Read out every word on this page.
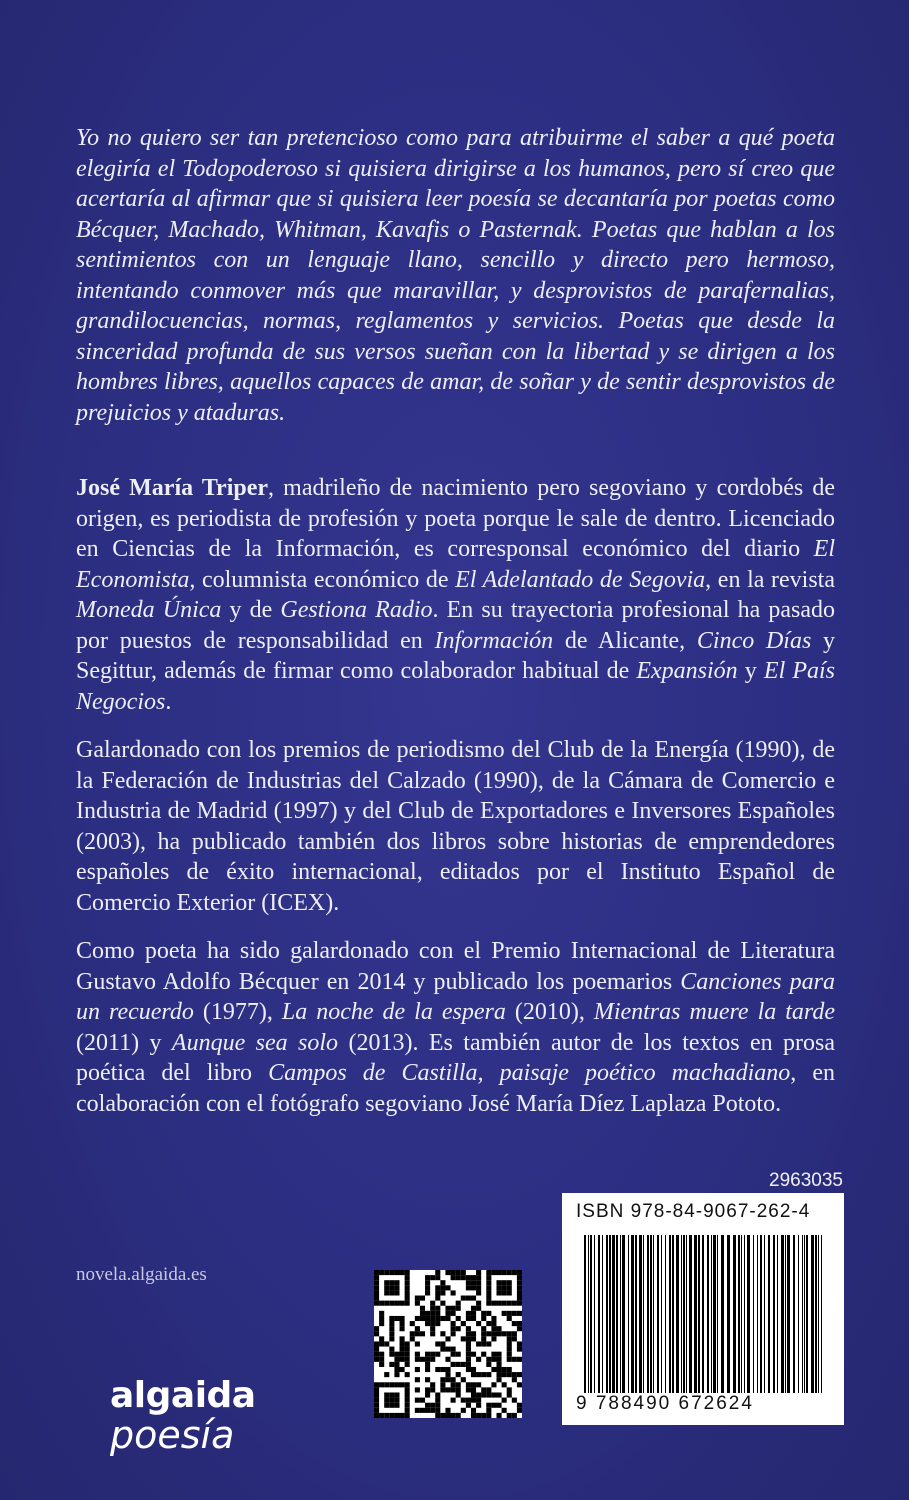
Yo no quiero ser tan pretencioso como para atribuirme el saber a qué poeta elegiría el Todopoderoso si quisiera dirigirse a los humanos, pero sí creo que acertaría al afirmar que si quisiera leer poesía se decantaría por poetas como Bécquer, Machado, Whitman, Kavafis o Pasternak. Poetas que hablan a los sentimientos con un lenguaje llano, sencillo y directo pero hermoso, intentando conmover más que maravillar, y desprovistos de parafernalias, grandilocuencias, normas, reglamentos y servicios. Poetas que desde la sinceridad profunda de sus versos sueñan con la libertad y se dirigen a los hombres libres, aquellos capaces de amar, de soñar y de sentir desprovistos de prejuicios y ataduras.

José María Triper, madrileño de nacimiento pero segoviano y cordobés de origen, es periodista de profesión y poeta porque le sale de dentro. Licenciado en Ciencias de la Información, es corresponsal económico del diario El Economista, columnista económico de El Adelantado de Segovia, en la revista Moneda Única y de Gestiona Radio. En su trayectoria profesional ha pasado por puestos de responsabilidad en Información de Alicante, Cinco Días y Segittur, además de firmar como colaborador habitual de Expansión y El País Negocios.

Galardonado con los premios de periodismo del Club de la Energía (1990), de la Federación de Industrias del Calzado (1990), de la Cámara de Comercio e Industria de Madrid (1997) y del Club de Exportadores e Inversores Españoles (2003), ha publicado también dos libros sobre historias de emprendedores españoles de éxito internacional, editados por el Instituto Español de Comercio Exterior (ICEX).

Como poeta ha sido galardonado con el Premio Internacional de Literatura Gustavo Adolfo Bécquer en 2014 y publicado los poemarios Canciones para un recuerdo (1977), La noche de la espera (2010), Mientras muere la tarde (2011) y Aunque sea solo (2013). Es también autor de los textos en prosa poética del libro Campos de Castilla, paisaje poético machadiano, en colaboración con el fotógrafo segoviano José María Díez Laplaza Pototo.

2963035
ISBN 978-84-9067-262-4
9 788490 672624
novela.algaida.es
algaida
poesía
